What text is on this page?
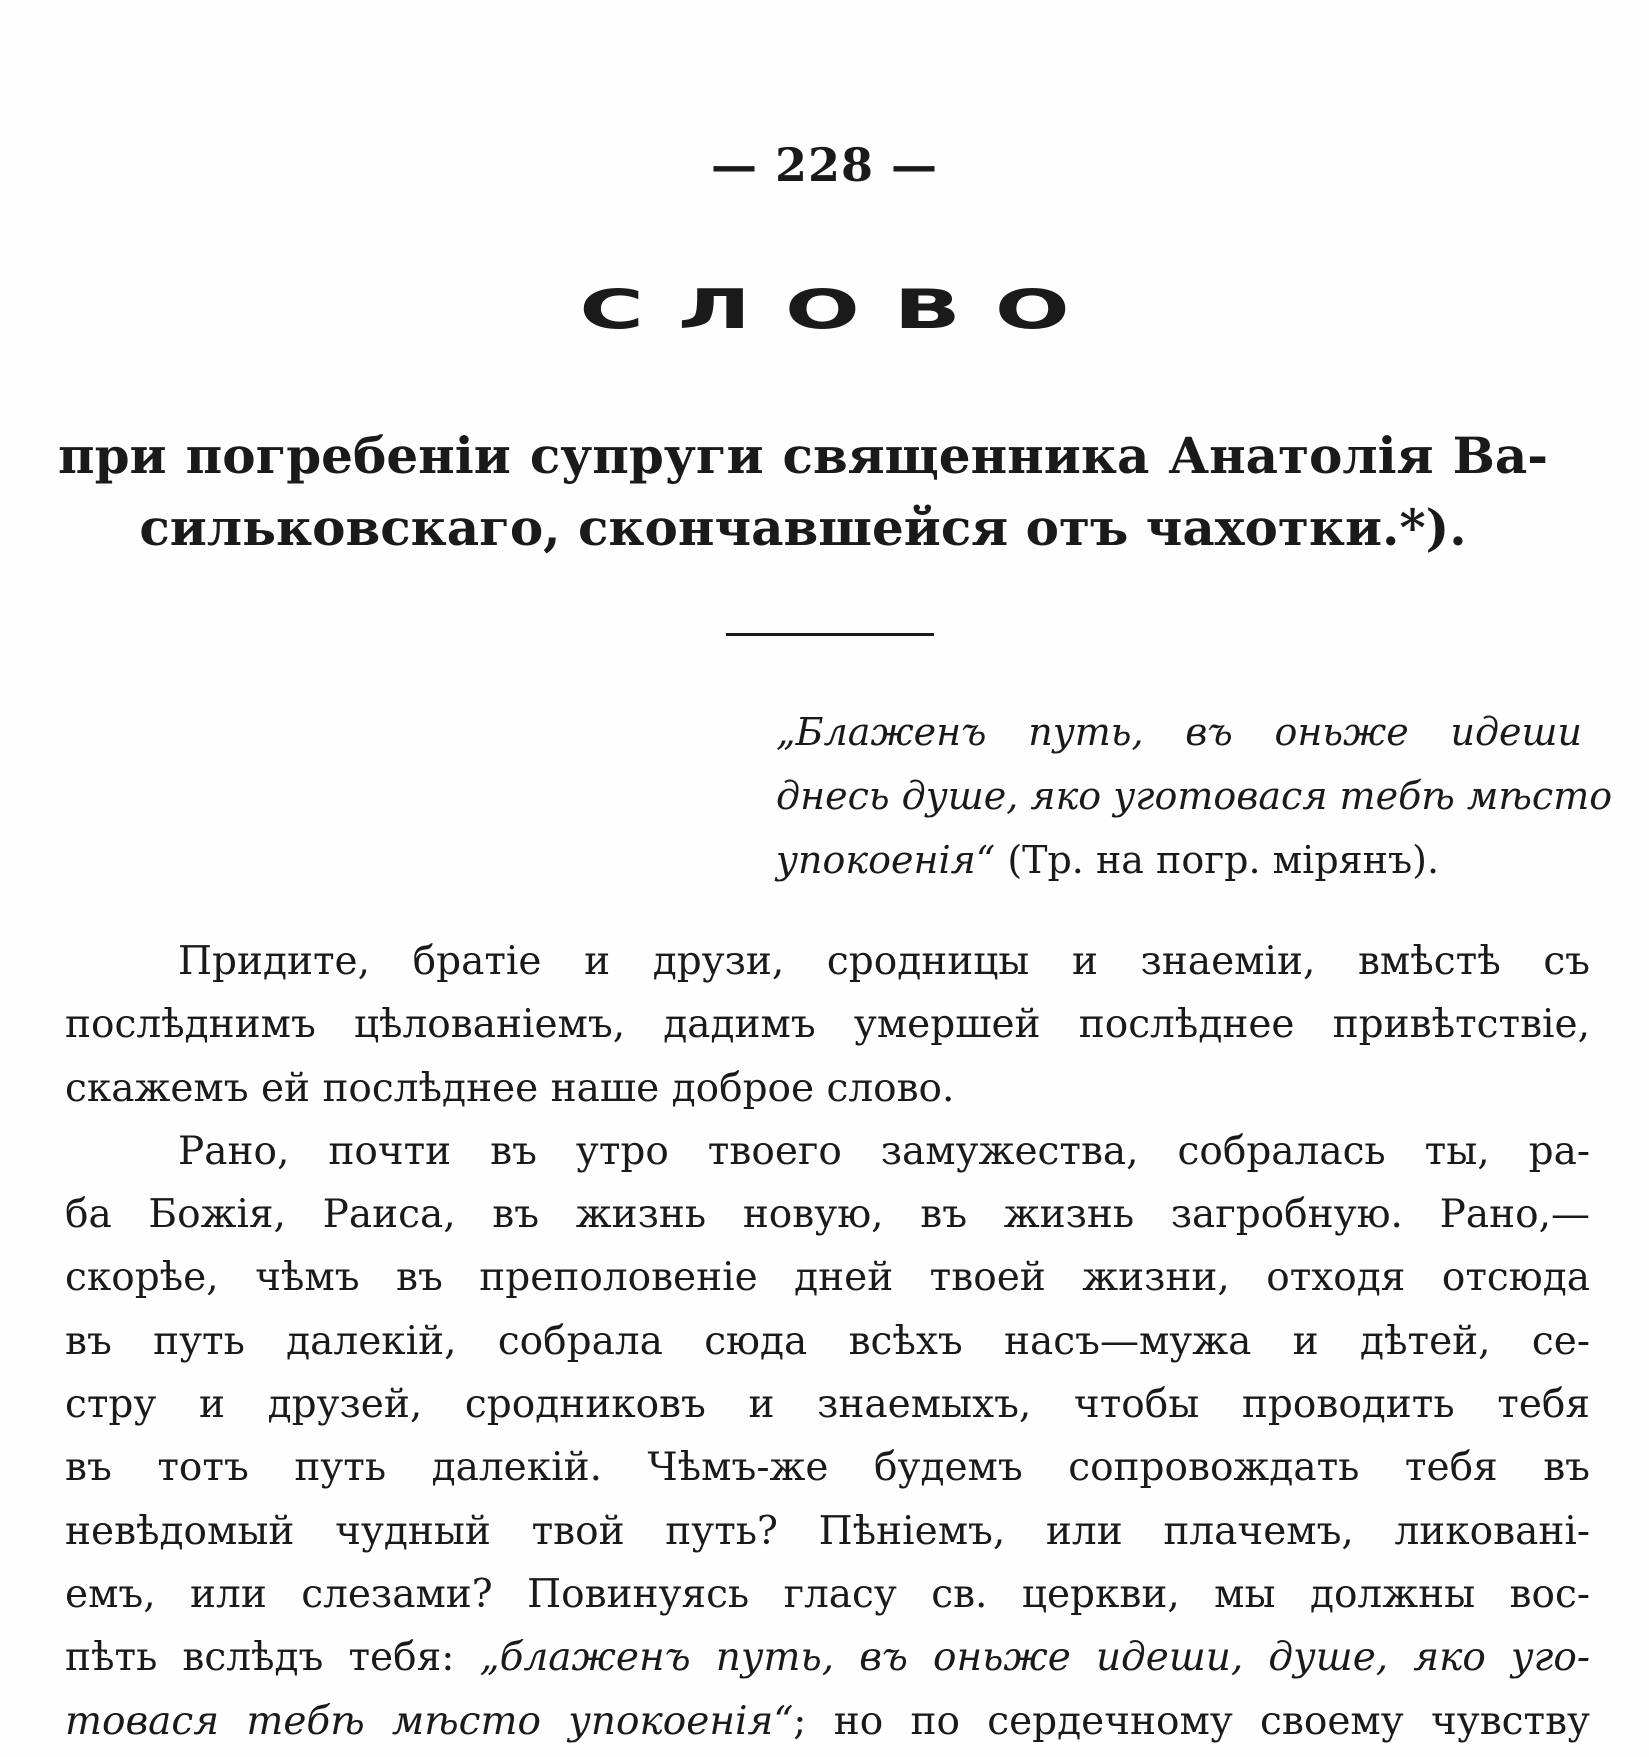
— 228 —
СЛОВО
при погребенiи супруги священника Анатолiя Ва-
сильковскаго, скончавшейся отъ чахотки.*).
„Блаженъ путь, въ оньже идеши
днесь душе, яко уготовася тебѣ мѣсто
упокоенiя“ (Тр. на погр. мiрянъ).
Придите, братiе и друзи, сродницы и знаемiи, вмѣстѣ съ
послѣднимъ цѣлованiемъ, дадимъ умершей послѣднее привѣтствiе,
скажемъ ей послѣднее наше доброе слово.
Рано, почти въ утро твоего замужества, собралась ты, ра-
ба Божiя, Раиса, въ жизнь новую, въ жизнь загробную. Рано,—
скорѣе, чѣмъ въ преполовенiе дней твоей жизни, отходя отсюда
въ путь далекiй, собрала сюда всѣхъ насъ—мужа и дѣтей, се-
стру и друзей, сродниковъ и знаемыхъ, чтобы проводить тебя
въ тотъ путь далекiй. Чѣмъ-же будемъ сопровождать тебя въ
невѣдомый чудный твой путь? Пѣнiемъ, или плачемъ, ликованi-
емъ, или слезами? Повинуясь гласу св. церкви, мы должны вос-
пѣть вслѣдъ тебя: „блаженъ путь, въ оньже идеши, душе, яко уго-
товася тебѣ мѣсто упокоенiя“; но по сердечному своему чувству
